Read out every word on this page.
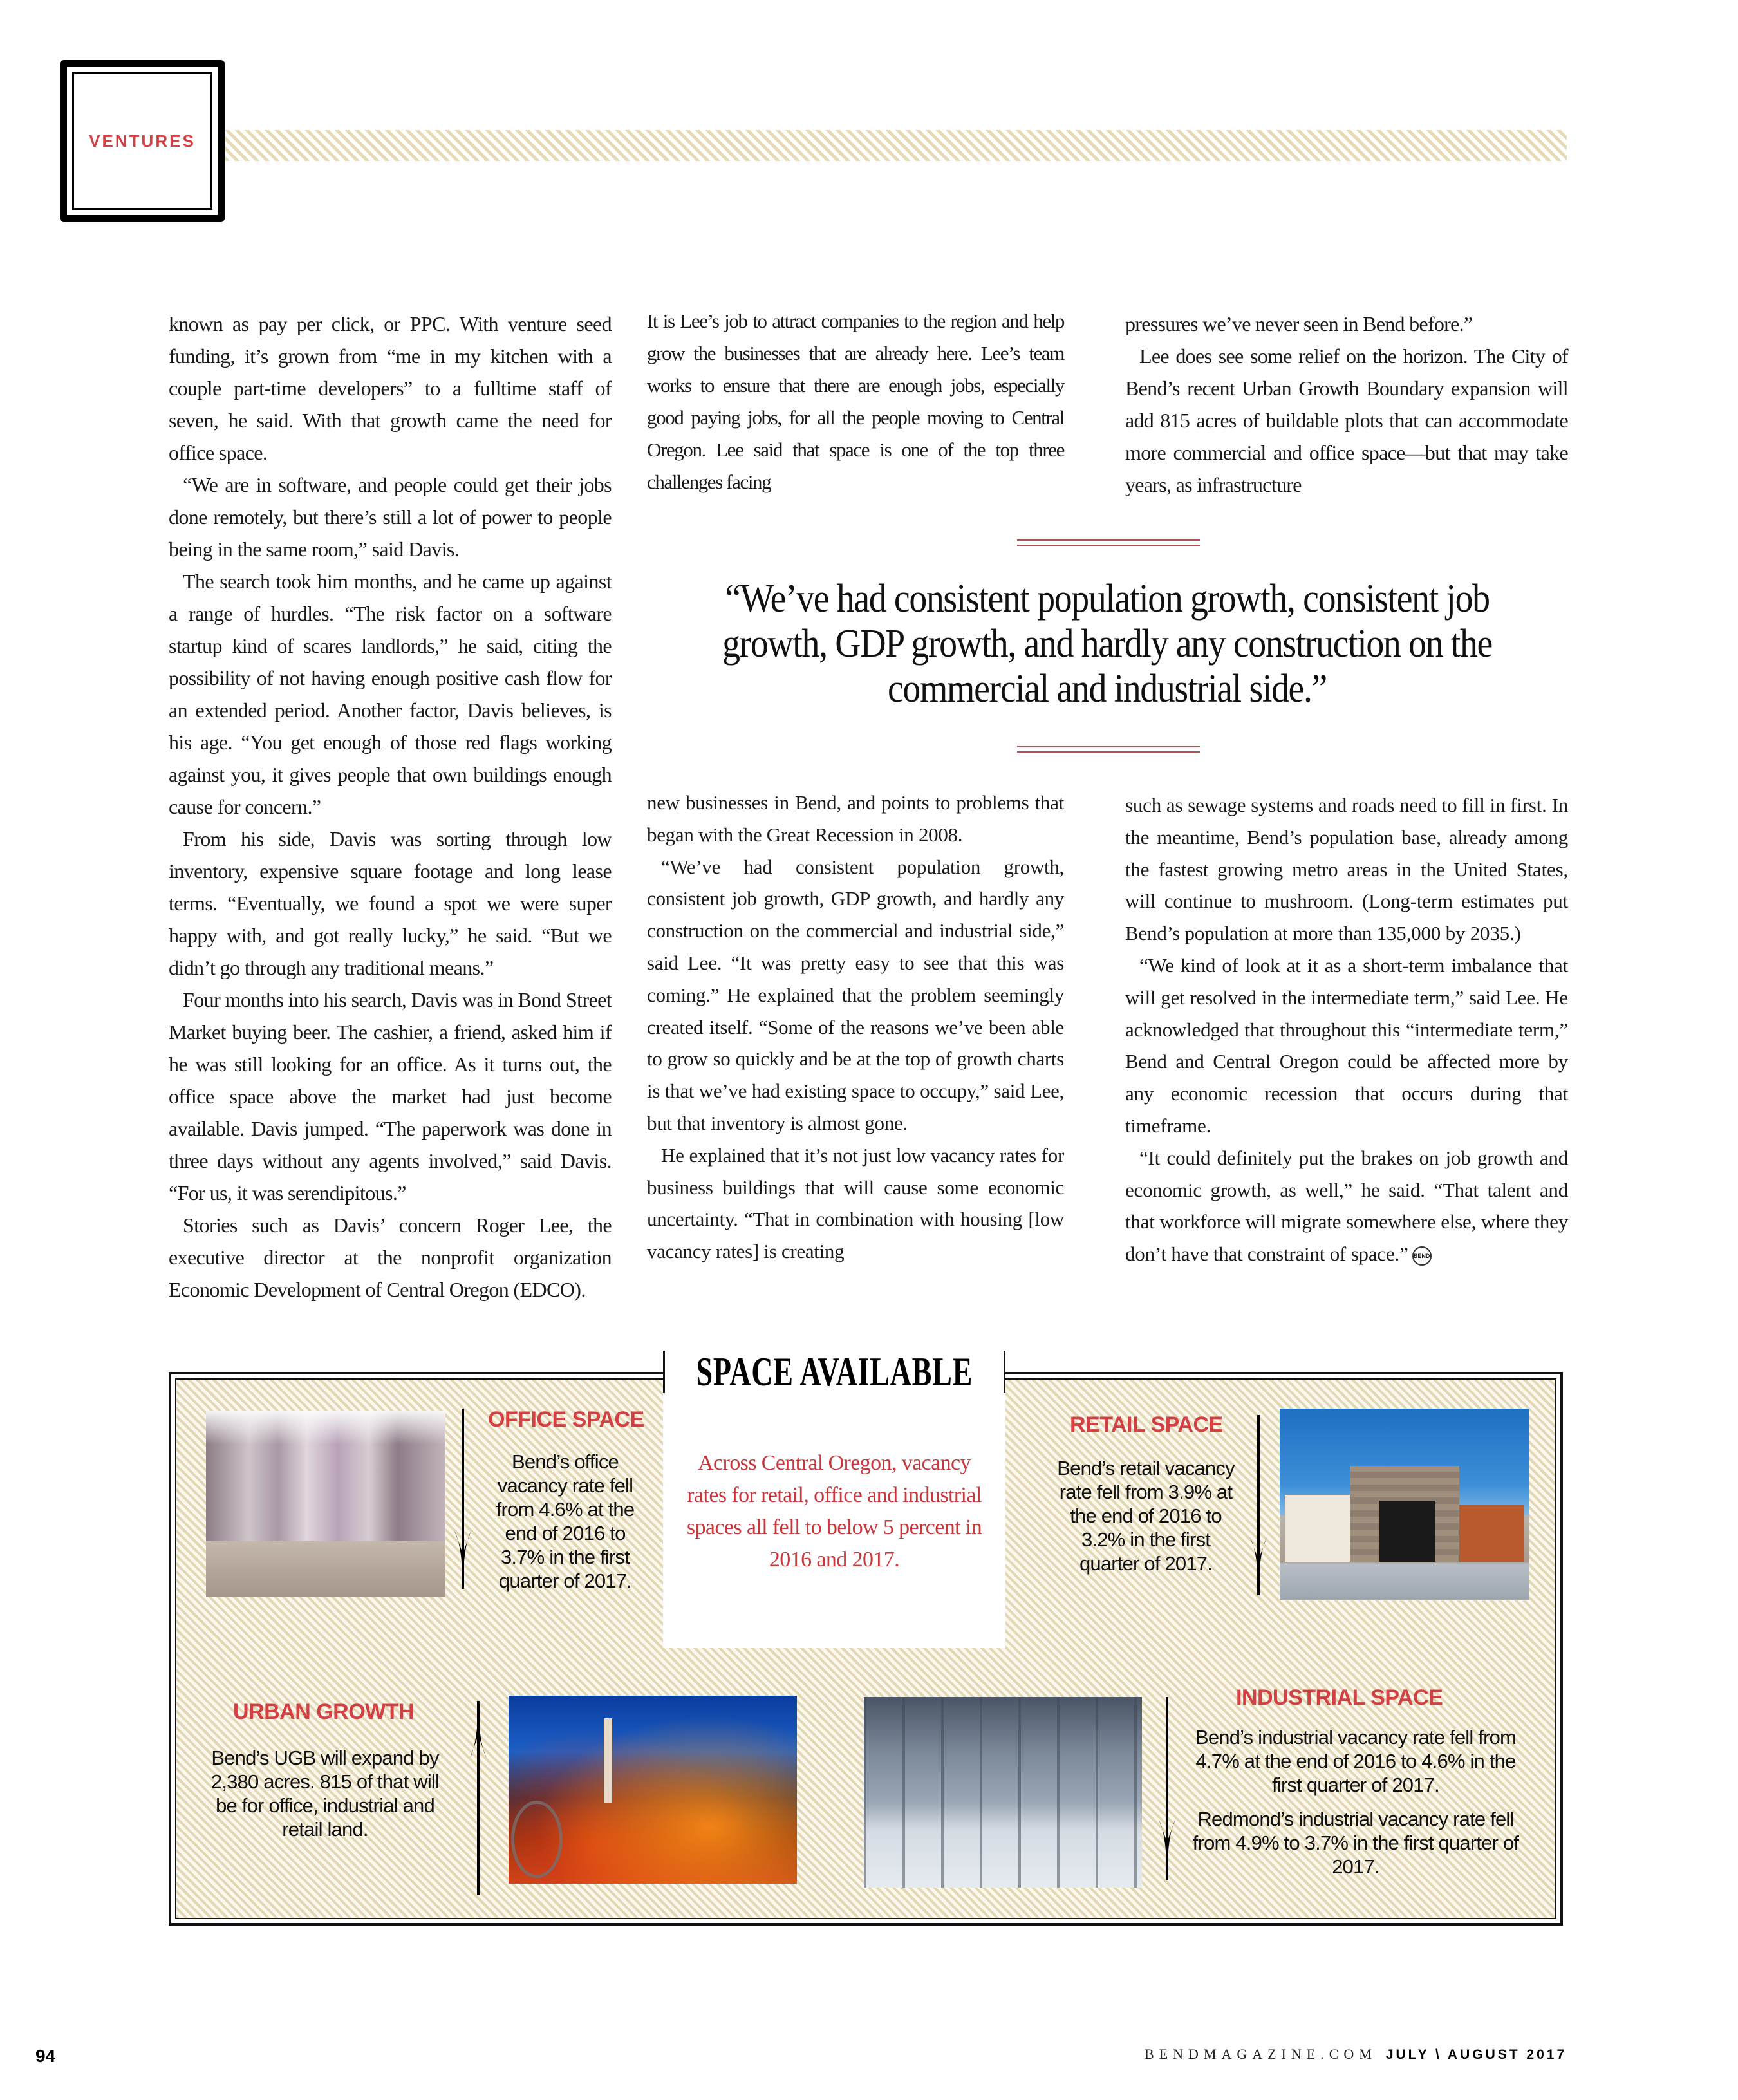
VENTURES

known as pay per click, or PPC. With venture seed funding, it’s grown from “me in my kitchen with a couple part-time developers” to a fulltime staff of seven, he said. With that growth came the need for office space.

“We are in software, and people could get their jobs done remotely, but there’s still a lot of power to people being in the same room,” said Davis.

The search took him months, and he came up against a range of hurdles. “The risk factor on a software startup kind of scares landlords,” he said, citing the possibility of not having enough positive cash flow for an extended period. Another factor, Davis believes, is his age. “You get enough of those red flags working against you, it gives people that own buildings enough cause for concern.”

From his side, Davis was sorting through low inventory, expensive square footage and long lease terms. “Eventually, we found a spot we were super happy with, and got really lucky,” he said. “But we didn’t go through any traditional means.”

Four months into his search, Davis was in Bond Street Market buying beer. The cashier, a friend, asked him if he was still looking for an office. As it turns out, the office space above the market had just become available. Davis jumped. “The paperwork was done in three days without any agents involved,” said Davis. “For us, it was serendipitous.”

Stories such as Davis’ concern Roger Lee, the executive director at the nonprofit organization Economic Development of Central Oregon (EDCO).

It is Lee’s job to attract companies to the region and help grow the businesses that are already here. Lee’s team works to ensure that there are enough jobs, especially good paying jobs, for all the people moving to Central Oregon. Lee said that space is one of the top three challenges facing

pressures we’ve never seen in Bend before.”

Lee does see some relief on the horizon. The City of Bend’s recent Urban Growth Boundary expansion will add 815 acres of buildable plots that can accommodate more commercial and office space—but that may take years, as infrastructure

“We’ve had consistent population growth, consistent job growth, GDP growth, and hardly any construction on the commercial and industrial side.”

new businesses in Bend, and points to problems that began with the Great Recession in 2008.

“We’ve had consistent population growth, consistent job growth, GDP growth, and hardly any construction on the commercial and industrial side,” said Lee. “It was pretty easy to see that this was coming.” He explained that the problem seemingly created itself. “Some of the reasons we’ve been able to grow so quickly and be at the top of growth charts is that we’ve had existing space to occupy,” said Lee, but that inventory is almost gone.

He explained that it’s not just low vacancy rates for business buildings that will cause some economic uncertainty. “That in combination with housing [low vacancy rates] is creating

such as sewage systems and roads need to fill in first. In the meantime, Bend’s population base, already among the fastest growing metro areas in the United States, will continue to mushroom. (Long-term estimates put Bend’s population at more than 135,000 by 2035.)

“We kind of look at it as a short-term imbalance that will get resolved in the intermediate term,” said Lee. He acknowledged that throughout this “intermediate term,” Bend and Central Oregon could be affected more by any economic recession that occurs during that timeframe.

“It could definitely put the brakes on job growth and economic growth, as well,” he said. “That talent and that workforce will migrate somewhere else, where they don’t have that constraint of space.” BEND

SPACE AVAILABLE
Across Central Oregon, vacancy rates for retail, office and industrial spaces all fell to below 5 percent in 2016 and 2017.
OFFICE SPACE
Bend’s office vacancy rate fell from 4.6% at the end of 2016 to 3.7% in the first quarter of 2017.
RETAIL SPACE
Bend’s retail vacancy rate fell from 3.9% at the end of 2016 to 3.2% in the first quarter of 2017.
URBAN GROWTH
Bend’s UGB will expand by 2,380 acres. 815 of that will be for office, industrial and retail land.
INDUSTRIAL SPACE

Bend’s industrial vacancy rate fell from 4.7% at the end of 2016 to 4.6% in the first quarter of 2017.

Redmond’s industrial vacancy rate fell from 4.9% to 3.7% in the first quarter of 2017.

94	BENDMAGAZINE.COM JULY \ AUGUST 2017
